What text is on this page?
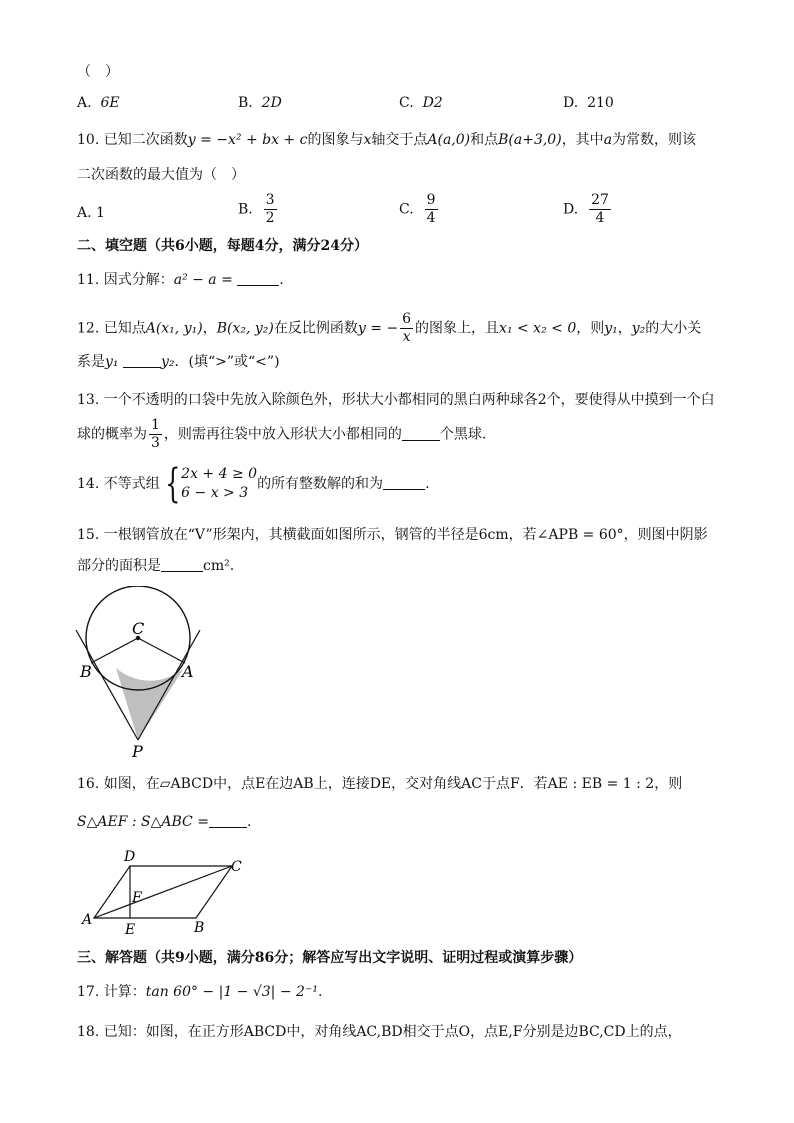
（　）
A. 6E	B. 2D	C. D2	D. 210
10. 已知二次函数y = −x² + bx + c的图象与x轴交于点A(a,0)和点B(a+3,0)，其中a为常数，则该
二次函数的最大值为（　）
A. 1	B. $\frac{3}{2}$	C. $\frac{9}{4}$	D. $\frac{27}{4}$
二、填空题（共6小题，每题4分，满分24分）
11. 因式分解：a² − a =	.
12. 已知点A(x₁, y₁)，B(x₂, y₂)在反比例函数y = − $\frac{6}{x}$ 的图象上，且x₁ < x₂ < 0，则y₁，y₂的大小关
系是y₁	y₂．(填“>”或“<”)
13. 一个不透明的口袋中先放入除颜色外，形状大小都相同的黑白两种球各2个，要使得从中摸到一个白
球的概率为 $\frac{1}{3}$ ，则需再往袋中放入形状大小都相同的	个黑球.
14. 不等式组 { 2x + 4 ≥ 0
6 − x > 3
的所有整数解的和为	.
15. 一根钢管放在“V”形架内，其横截面如图所示，钢管的半径是6cm，若∠APB = 60°，则图中阴影
部分的面积是	cm².
C
B	A
P
16. 如图，在▱ABCD中，点E在边AB上，连接DE，交对角线AC于点F．若AE : EB = 1 : 2，则
S△AEF : S△ABC =	.
D
C
F
A
E	B
三、解答题（共9小题，满分86分；解答应写出文字说明、证明过程或演算步骤）
17. 计算：tan 60° − |1 − √3| − 2⁻¹.
18. 已知：如图，在正方形ABCD中，对角线AC,BD相交于点O，点E,F分别是边BC,CD上的点，
